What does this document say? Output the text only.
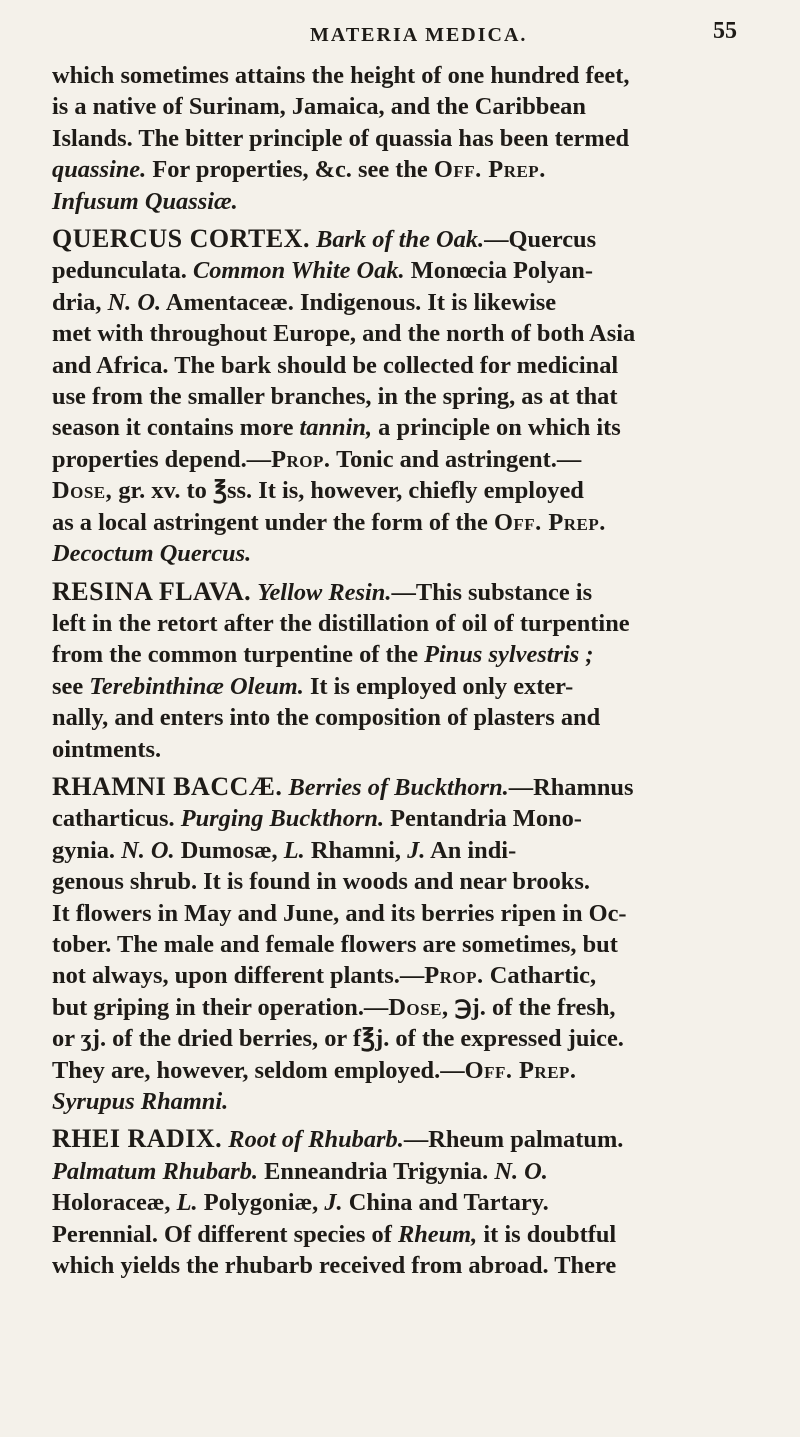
MATERIA MEDICA.	55

which sometimes attains the height of one hundred feet,
is a native of Surinam, Jamaica, and the Caribbean
Islands. The bitter principle of quassia has been termed
quassine. For properties, &c. see the Off. Prep.
Infusum Quassiæ.

QUERCUS CORTEX. Bark of the Oak.—Quercus
pedunculata. Common White Oak. Monœcia Polyan-
dria, N. O. Amentaceæ. Indigenous. It is likewise
met with throughout Europe, and the north of both Asia
and Africa. The bark should be collected for medicinal
use from the smaller branches, in the spring, as at that
season it contains more tannin, a principle on which its
properties depend.—Prop. Tonic and astringent.—
Dose, gr. xv. to ℥ss. It is, however, chiefly employed
as a local astringent under the form of the Off. Prep.
Decoctum Quercus.

RESINA FLAVA. Yellow Resin.—This substance is
left in the retort after the distillation of oil of turpentine
from the common turpentine of the Pinus sylvestris ;
see Terebinthinæ Oleum. It is employed only exter-
nally, and enters into the composition of plasters and
ointments.

RHAMNI BACCÆ. Berries of Buckthorn.—Rhamnus
catharticus. Purging Buckthorn. Pentandria Mono-
gynia. N. O. Dumosæ, L. Rhamni, J. An indi-
genous shrub. It is found in woods and near brooks.
It flowers in May and June, and its berries ripen in Oc-
tober. The male and female flowers are sometimes, but
not always, upon different plants.—Prop. Cathartic,
but griping in their operation.—Dose, ℈j. of the fresh,
or ʒj. of the dried berries, or f℥j. of the expressed juice.
They are, however, seldom employed.—Off. Prep.
Syrupus Rhamni.

RHEI RADIX. Root of Rhubarb.—Rheum palmatum.
Palmatum Rhubarb. Enneandria Trigynia. N. O.
Holoraceæ, L. Polygoniæ, J. China and Tartary.
Perennial. Of different species of Rheum, it is doubtful
which yields the rhubarb received from abroad. There
